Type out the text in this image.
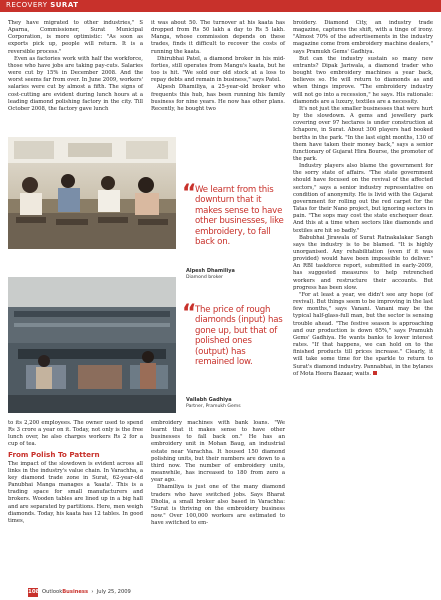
RECOVERY SURAT

They have migrated to other industries," S Aparna, Commissioner, Surat Municipal Corporation, is more optimistic: "As soon as exports pick up, people will return. It is a reversible process."

Even as factories work with half the workforce, those who have jobs are taking pay-cuts. Salaries were cut by 15% in December 2008. And the worst seems far from over. In June 2009, workers' salaries were cut by almost a fifth. The signs of cost-cutting are evident during lunch hours at a leading diamond polishing factory in the city. Till October 2008, the factory gave lunch

it was about 50. The turnover at his kaata has dropped from Rs 50 lakh a day to Rs 5 lakh. Manga, whose commission depends on these trades, finds it difficult to recover the costs of running the kaata.

Dhirubhai Patel, a diamond broker in his mid-forties, still operates from Mangu's kaata, but he too is hit. "We sold our old stock at a loss to repay debts and remain in business," says Patel.

Alpesh Dhamiliya, a 25-year-old broker who frequents this hub, has been running his family business for nine years. He now has other plans. Recently, he bought two

broidery. Diamond City, an industry trade magazine, captures the shift, with a tinge of irony. "Almost 70% of the advertisements in the industry magazine come from embroidery machine dealers," says Pramukh Gems' Gadhiya.

But can the industry sustain so many new entrants? Dipak Jariwala, a diamond trader who bought two embroidery machines a year back, believes so. He will return to diamonds as and when things improve. "The embroidery industry will not go into a recession," he says. His rationale: diamonds are a luxury, textiles are a necessity.

It's not just the smaller businesses that were hurt by the slowdown. A gems and jewellery park covering over 97 hectares is under construction at Ichapore, in Surat. About 300 players had booked berths in the park. "In the last eight months, 130 of them have taken their money back," says a senior functionary of Gujarat Hira Bourse, the promoter of the park.

Industry players also blame the government for the sorry state of affairs. "The state government should have focused on the revival of the affected sectors," says a senior industry representative on condition of anonymity. He is livid with the Gujarat government for rolling out the red carpet for the Tatas for their Nano project, but ignoring sectors in pain. "The sops may cost the state exchequer dear. And this at a time when sectors like diamonds and textiles are hit so badly."

Babubhai Jirawala of Surat Ratnakalakar Sangh says the industry is to be blamed. "It is highly unorganised. Any rehabilitation (even if it was provided) would have been impossible to deliver." An RBI taskforce report, submitted in early-2009, has suggested measures to help retrenched workers and restructure their accounts. But progress has been slow.

"For at least a year, we didn't see any hope (of revival). But things seem to be improving in the last few months," says Vanani. Vanani may be the typical half-glass-full man, but the sector is sensing trouble ahead. "The festive season is approaching and our production is down 65%," says Pramukh Gems' Gadhiya. He wants banks to lower interest rates. "If that happens, we can hold on to the finished products till prices increase." Clearly, it will take some time for the sparkle to return to Surat's diamond industry. Pannabhai, in the bylanes of Mota Heera Bazaar, waits.

“
We learnt from this downturn that it makes sense to have other businesses, like embroidery, to fall back on.
Alpesh Dhamiliya
Diamond broker
“
The price of rough diamonds (input) has gone up, but that of polished ones (output) has remained low.
Vallabh Gadhiya
Partner, Pramukh Gems

to its 2,200 employees. The owner used to spend Rs 3 crore a year on it. Today, not only is the free lunch over, he also charges workers Rs 2 for a cup of tea.

From Polish To Pattern

The impact of the slowdown is evident across all links in the industry's value chain. In Varachha, a key diamond trade zone in Surat, 62-year-old Panubhai Manga manages a 'kaata'. This is a trading space for small manufacturers and brokers. Wooden tables are lined up in a big hall and are separated by partitions. Here, men weigh diamonds. Today, his kaata has 12 tables. In good times,

embroidery machines with bank loans. "We learnt that it makes sense to have other businesses to fall back on." He has an embroidery unit in Mohan Baug, an industrial estate near Varachha. It housed 150 diamond polishing units, but their numbers are down to a third now. The number of embroidery units, meanwhile, has increased to 180 from zero a year ago.

Dhamiliya is just one of the many diamond traders who have switched jobs. Says Bharat Dholia, a small broker also based in Varachha: "Surat is thriving on the embroidery business now." Over 100,000 workers are estimated to have switched to em-

108 OutlookBusiness  ›  July 25, 2009
